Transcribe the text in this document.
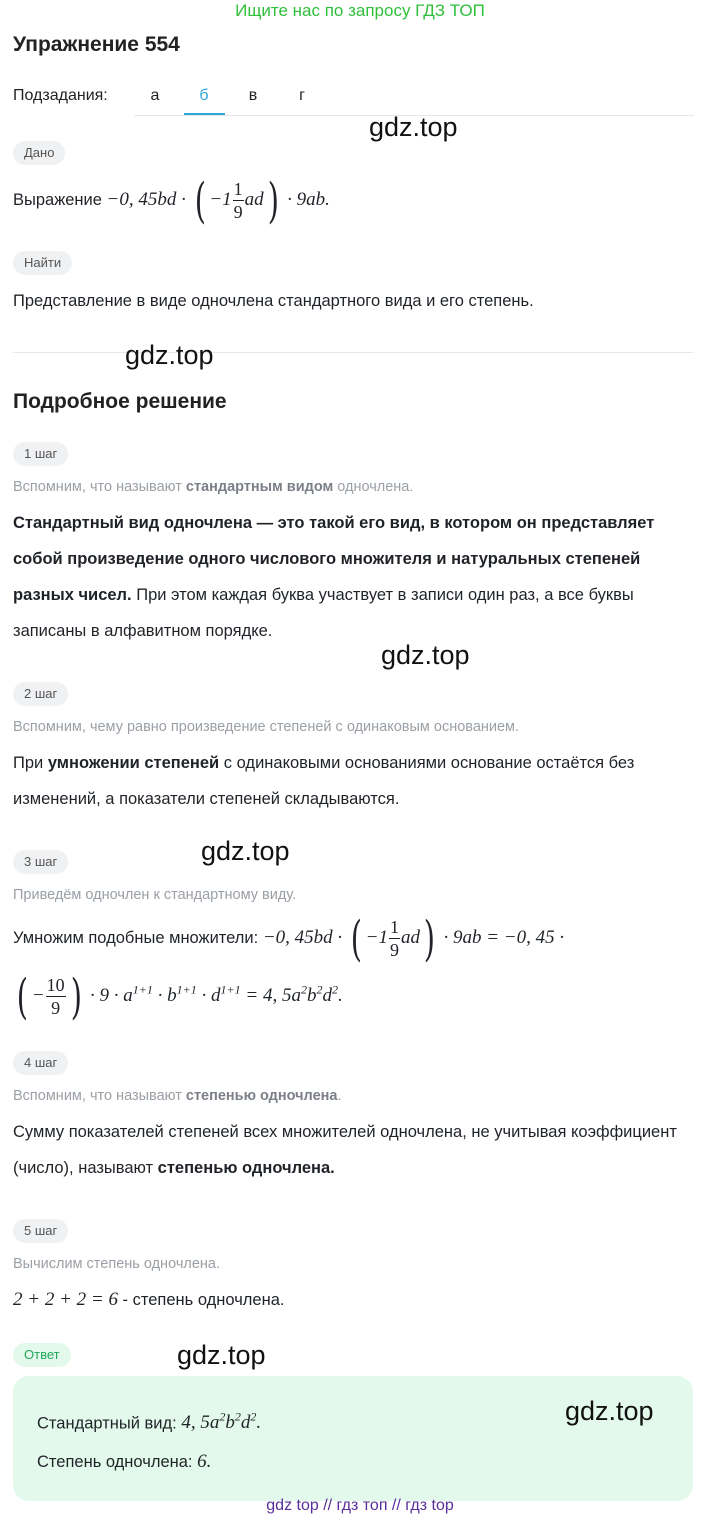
Ищите нас по запросу ГДЗ ТОП
Упражнение 554
Подзадания:	а	б	в	г
gdz.top
Дано
Выражение −0, 45bd · ( $-1 \frac{1}{9} ad) \cdot 9ab$.
Найти
Представление в виде одночлена стандартного вида и его степень.
gdz.top
Подробное решение
1 шаг
Вспомним, что называют стандартным видом одночлена.
Стандартный вид одночлена — это такой его вид, в котором он представляет собой произведение одного числового множителя и натуральных степеней разных чисел. При этом каждая буква участвует в записи один раз, а все буквы записаны в алфавитном порядке.
gdz.top
2 шаг
Вспомним, чему равно произведение степеней с одинаковым основанием.
При умножении степеней с одинаковыми основаниями основание остаётся без изменений, а показатели степеней складываются.
gdz.top
3 шаг
Приведём одночлен к стандартному виду.
Умножим подобные множители: −0, 45bd · ( $-1 \frac{1}{9} ad) \cdot 9ab = -0$, 45 ·
( − $\frac{10}{9}$ ) · $9 \cdot a^{1+1} \cdot b^{1+1} \cdot d^{1+1} = 4$, $5a^2b^2d^2$.
4 шаг
Вспомним, что называют степенью одночлена.
Сумму показателей степеней всех множителей одночлена, не учитывая коэффициент (число), называют степенью одночлена.
5 шаг
Вычислим степень одночлена.
2 + 2 + 2 = 6 - степень одночлена.
Ответ	gdz.top
Стандартный вид: 4, $5a^2b^2d^2$.
Степень одночлена: 6.
gdz.top
gdz top // гдз топ // гдз top
